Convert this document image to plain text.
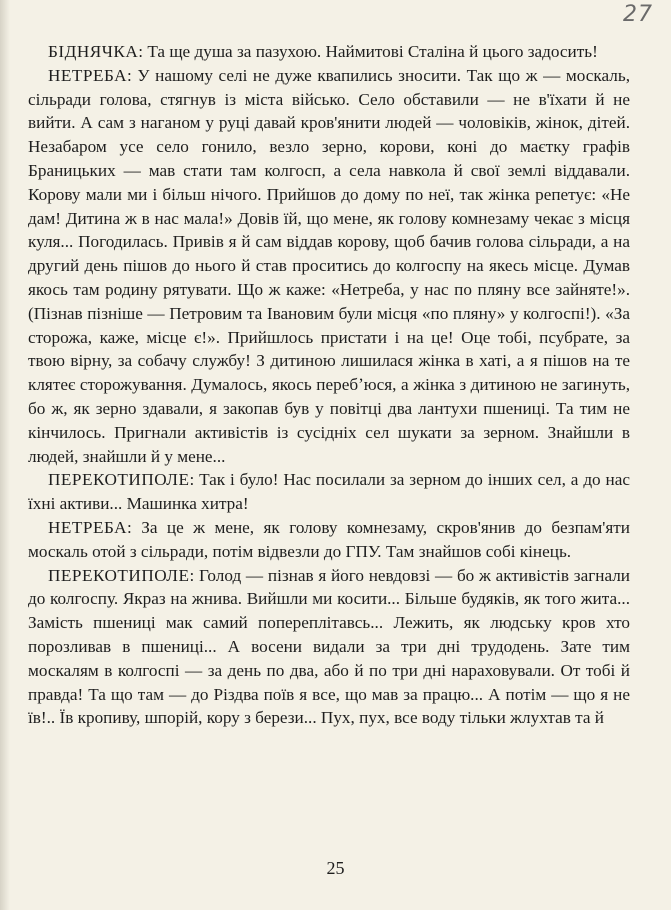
27

БІДНЯЧКА: Та ще душа за пазухою. Наймитові Сталіна й цього задосить!

НЕТРЕБА: У нашому селі не дуже квапились зносити. Так що ж — москаль, сільради голова, стягнув із міста військо. Село обставили — не в'їхати й не вийти. А сам з наганом у руці давай кров'янити людей — чоловіків, жінок, дітей. Незабаром усе село гонило, везло зерно, корови, коні до маєтку графів Браницьких — мав стати там колгосп, а села навкола й свої землі віддавали. Корову мали ми і більш нічого. Прийшов до дому по неї, так жінка репетує: «Не дам! Дитина ж в нас мала!» Довів їй, що мене, як голову комнезаму чекає з місця куля... Погодилась. Привів я й сам віддав корову, щоб бачив голова сільради, а на другий день пішов до нього й став проситись до колгоспу на якесь місце. Думав якось там родину рятувати. Що ж каже: «Нетреба, у нас по пляну все зайняте!». (Пізнав пізніше — Петровим та Івановим були місця «по пляну» у колгоспі!). «За сторожа, каже, місце є!». Прийшлось пристати і на це! Оце тобі, псубрате, за твою вірну, за собачу службу! З дитиною лишилася жінка в хаті, а я пішов на те клятеє сторожування. Думалось, якось перебʼюся, а жінка з дитиною не загинуть, бо ж, як зерно здавали, я закопав був у повітці два лантухи пшениці. Та тим не кінчилось. Пригнали активістів із сусідніх сел шукати за зерном. Знайшли в людей, знайшли й у мене...

ПЕРЕКОТИПОЛЕ: Так і було! Нас посилали за зерном до інших сел, а до нас їхні активи... Машинка хитра!

НЕТРЕБА: За це ж мене, як голову комнезаму, скров'янив до безпам'яти москаль отой з сільради, потім відвезли до ГПУ. Там знайшов собі кінець.

ПЕРЕКОТИПОЛЕ: Голод — пізнав я його невдовзі — бо ж активістів загнали до колгоспу. Якраз на жнива. Вийшли ми косити... Більше будяків, як того жита... Замість пшениці мак самий попереплітавсь... Лежить, як людську кров хто порозливав в пшениці... А восени видали за три дні трудодень. Зате тим москалям в колгоспі — за день по два, або й по три дні нараховували. От тобі й правда! Та що там — до Різдва поїв я все, що мав за працю... А потім — що я не їв!.. Їв кропиву, шпорій, кору з берези... Пух, пух, все воду тільки жлухтав та й

25
